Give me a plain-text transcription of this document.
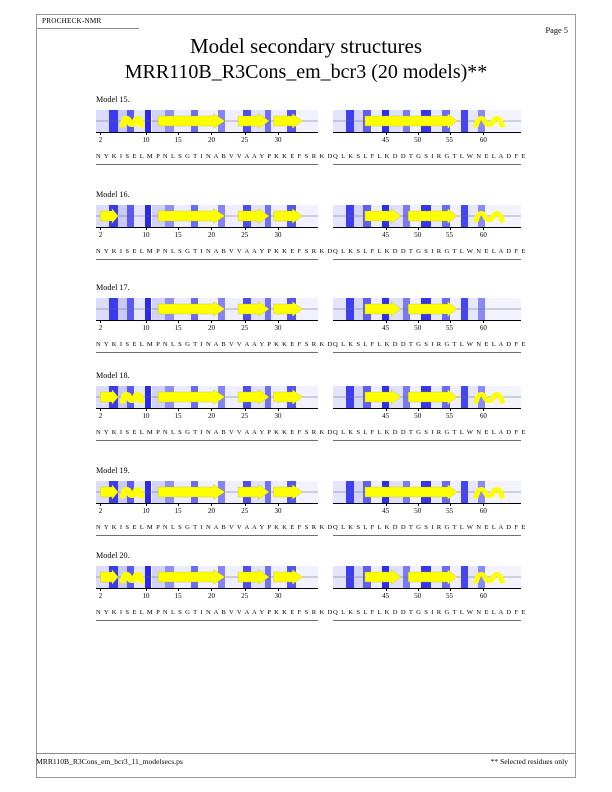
PROCHECK-NMR
Page 5
Model secondary structures
MRR110B_R3Cons_em_bcr3 (20 models)**
Model 15.
2	10	15	20	25	30	45	50	55	60
N Y K I S E L M P N L S G T I N A B V V A A Y P K K E F S R K D Q L K S L F L K D D T G S I R G T L W N E L A D F E
Model 16.
2	10	15	20	25	30	45	50	55	60
N Y K I S E L M P N L S G T I N A B V V A A Y P K K E F S R K D Q L K S L F L K D D T G S I R G T L W N E L A D F E
Model 17.
2	10	15	20	25	30	45	50	55	60
N Y K I S E L M P N L S G T I N A B V V A A Y P K K E F S R K D Q L K S L F L K D D T G S I R G T L W N E L A D F E
Model 18.
2	10	15	20	25	30	45	50	55	60
N Y K I S E L M P N L S G T I N A B V V A A Y P K K E F S R K D Q L K S L F L K D D T G S I R G T L W N E L A D F E
Model 19.
2	10	15	20	25	30	45	50	55	60
N Y K I S E L M P N L S G T I N A B V V A A Y P K K E F S R K D Q L K S L F L K D D T G S I R G T L W N E L A D F E
Model 20.
2	10	15	20	25	30	45	50	55	60
N Y K I S E L M P N L S G T I N A B V V A A Y P K K E F S R K D Q L K S L F L K D D T G S I R G T L W N E L A D F E
MRR110B_R3Cons_em_bcr3_11_modelsecs.ps	** Selected residues only
